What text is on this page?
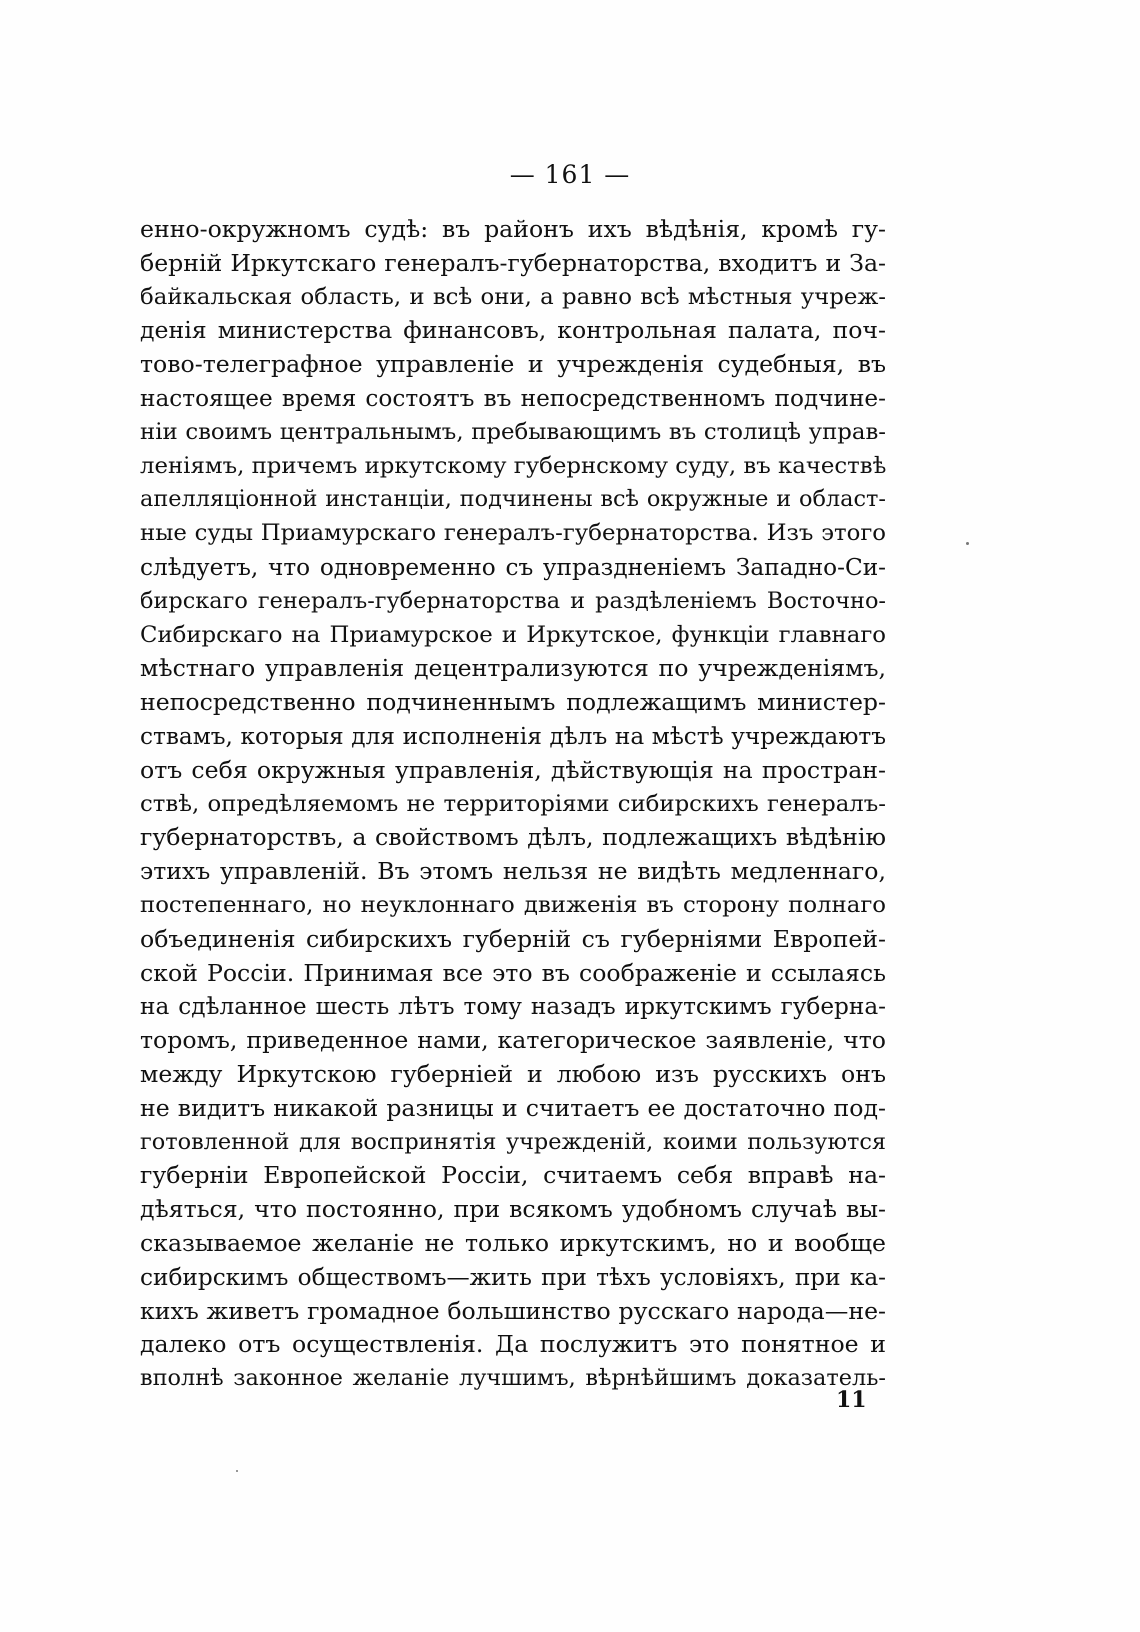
— 161 —
енно-окружномъ судѣ: въ районъ ихъ вѣдѣнія, кромѣ гу-
берній Иркутскаго генералъ-губернаторства, входитъ и За-
байкальская область, и всѣ они, а равно всѣ мѣстныя учреж-
денія министерства финансовъ, контрольная палата, поч-
тово-телеграфное управленіе и учрежденія судебныя, въ
настоящее время состоятъ въ непосредственномъ подчине-
ніи своимъ центральнымъ, пребывающимъ въ столицѣ управ-
леніямъ, причемъ иркутскому губернскому суду, въ качествѣ
апелляціонной инстанціи, подчинены всѣ окружные и област-
ные суды Приамурскаго генералъ-губернаторства. Изъ этого
слѣдуетъ, что одновременно съ упраздненіемъ Западно-Си-
бирскаго генералъ-губернаторства и раздѣленіемъ Восточно-
Сибирскаго на Приамурское и Иркутское, функціи главнаго
мѣстнаго управленія децентрализуются по учрежденіямъ,
непосредственно подчиненнымъ подлежащимъ министер-
ствамъ, которыя для исполненія дѣлъ на мѣстѣ учреждаютъ
отъ себя окружныя управленія, дѣйствующія на простран-
ствѣ, опредѣляемомъ не территоріями сибирскихъ генералъ-
губернаторствъ, а свойствомъ дѣлъ, подлежащихъ вѣдѣнію
этихъ управленій. Въ этомъ нельзя не видѣть медленнаго,
постепеннаго, но неуклоннаго движенія въ сторону полнаго
объединенія сибирскихъ губерній съ губерніями Европей-
ской Россіи. Принимая все это въ соображеніе и ссылаясь
на сдѣланное шесть лѣтъ тому назадъ иркутскимъ губерна-
торомъ, приведенное нами, категорическое заявленіе, что
между Иркутскою губерніей и любою изъ русскихъ онъ
не видитъ никакой разницы и считаетъ ее достаточно под-
готовленной для воспринятія учрежденій, коими пользуются
губерніи Европейской Россіи, считаемъ себя вправѣ на-
дѣяться, что постоянно, при всякомъ удобномъ случаѣ вы-
сказываемое желаніе не только иркутскимъ, но и вообще
сибирскимъ обществомъ—жить при тѣхъ условіяхъ, при ка-
кихъ живетъ громадное большинство русскаго народа—не-
далеко отъ осуществленія. Да послужитъ это понятное и
вполнѣ законное желаніе лучшимъ, вѣрнѣйшимъ доказатель-
11
